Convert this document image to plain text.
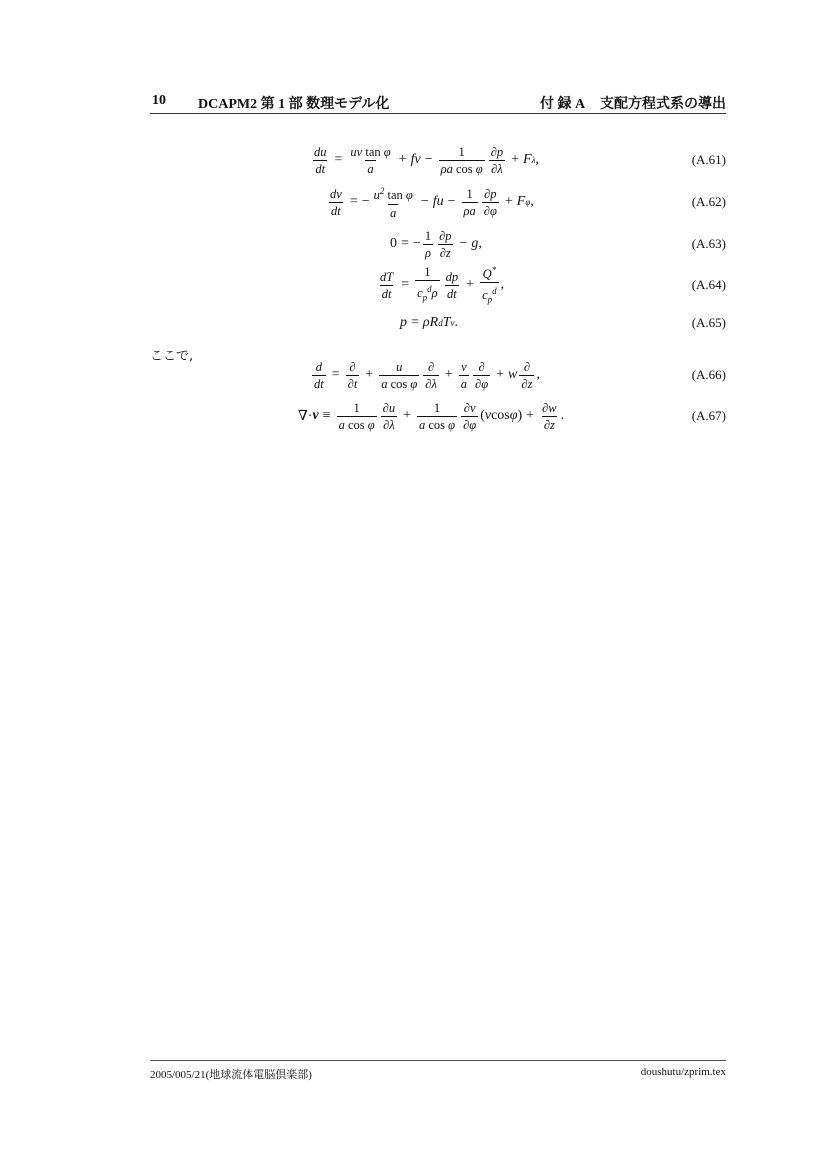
10 DCAPM2 第 1 部 数理モデル化	付 録 A 支配方程式系の導出
$\frac{du}{dt} = \frac{\text{uv tan φ}}{a}$ + fv − $\frac{1}{\text{ρa cos φ}} \frac{\partial p}{\partial\lambda} + F$ λ ,	(A.61)
$\frac{dv}{dt}$ = − $\frac{u^2 \tan \varphi}{a}$ − fu − $\frac{1}{\rho a} \frac{\partial p}{\partial\varphi} + F$ φ ,	(A.62)
0 = − $\frac{1}{\rho} \frac{\partial p}{\partial z} - g$ ,	(A.63)
$\frac{dT}{dt} = \frac{1}{c_p^d\rho} \frac{dp}{dt} + \frac{Q^*}{c_p^d}$ ,	(A.64)
p = ρR d T v .	(A.65)
ここで,
$\frac{d}{dt} = \frac{\partial}{\partial t} + \frac{u}{\text{a cos φ}} \frac{\partial}{\partial\lambda} + \frac{v}{a} \frac{\partial}{\partial\varphi} + w \frac{\partial}{\partial z}$ ,	(A.66)
∇· $v \equiv \frac{1}{\text{a cos φ}} \frac{\partial u}{\partial\lambda} + \frac{1}{\text{a cos φ}} \frac{\partial v}{\partial\varphi}$ ( v cos φ ) + $\frac{\partial w}{\partial z}$ .	(A.67)
2005/005/21(地球流体電脳倶楽部)	doushutu/zprim.tex
